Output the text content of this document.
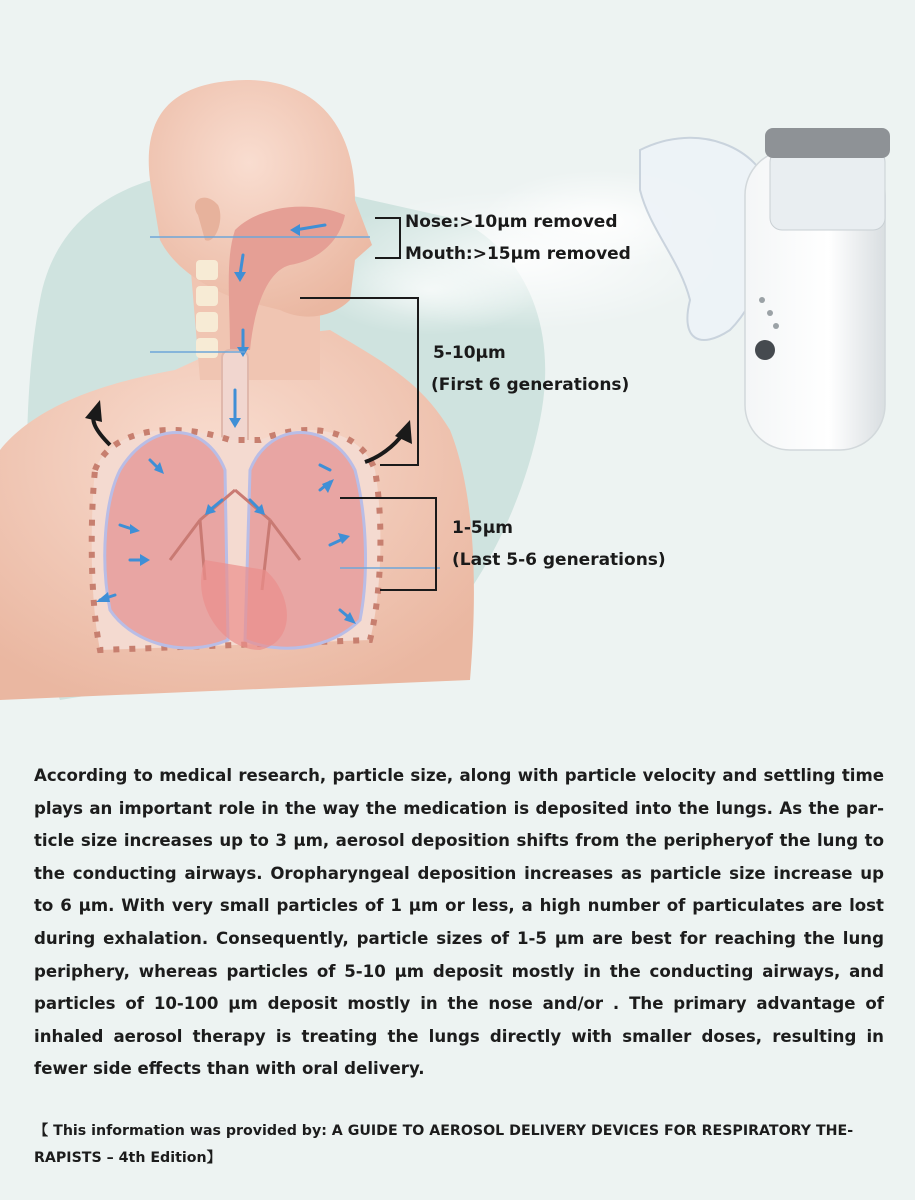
Nose:>10μm removed
Mouth:>15μm removed
5-10μm
(First 6 generations)
1-5μm
(Last 5-6 generations)

According to medical research, particle size, along with particle velocity and settling time plays an important role in the way the medication is deposited into the lungs. As the particle size increases up to 3 μm, aerosol deposition shifts from the peripheryof the lung to the conducting airways. Oropharyngeal deposition increases as particle size increase up to 6 μm. With very small particles of 1 μm or less, a high number of particulates are lost during exhalation. Consequently, particle sizes of 1-5 μm are best for reaching the lung periphery, whereas particles of 5-10 μm deposit mostly in the conducting airways, and particles of 10-100 μm deposit mostly in the nose and/or . The primary advantage of inhaled aerosol therapy is treating the lungs directly with smaller doses, resulting in fewer side effects than with oral delivery.

【 This information was provided by: A GUIDE TO AEROSOL DELIVERY DEVICES FOR RESPIRATORY THE-RAPISTS – 4th Edition】
